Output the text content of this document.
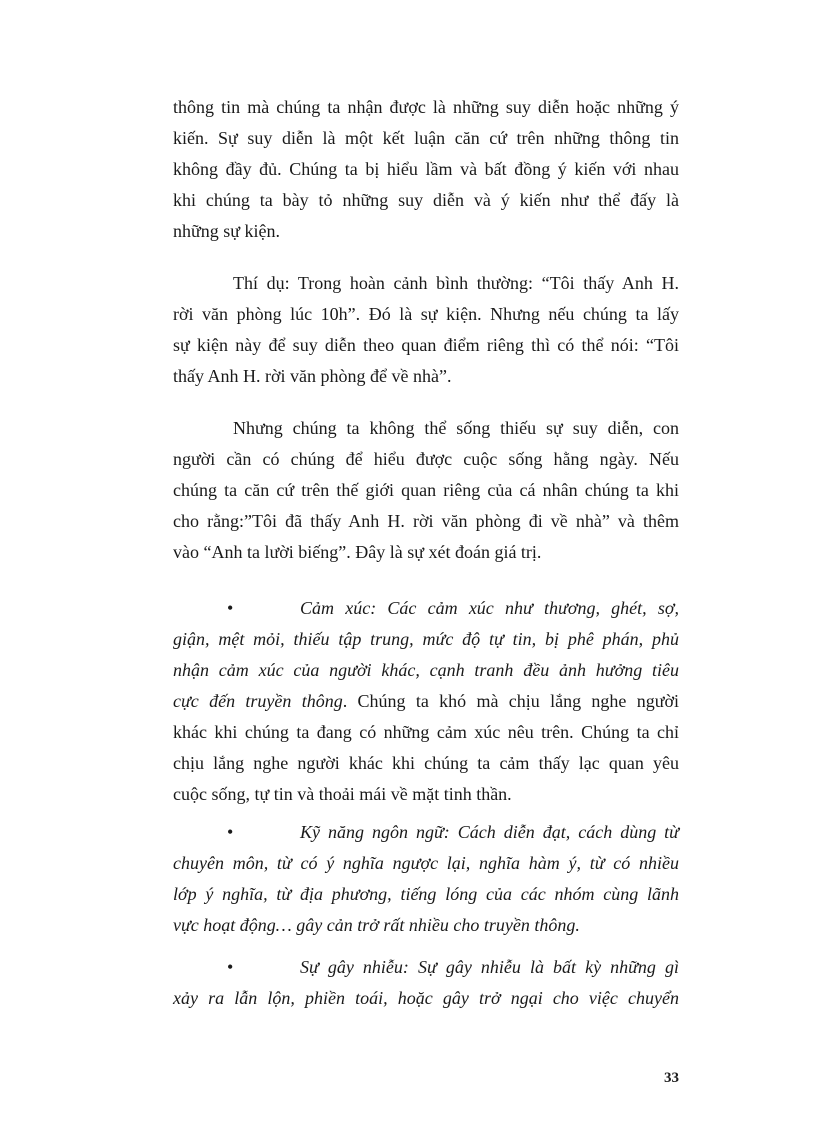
thông tin mà chúng ta nhận được là những suy diễn hoặc những ý
kiến. Sự suy diễn là một kết luận căn cứ trên những thông tin
không đầy đủ. Chúng ta bị hiểu lầm và bất đồng ý kiến với nhau
khi chúng ta bày tỏ những suy diễn và ý kiến như thể đấy là
những sự kiện.
Thí dụ: Trong hoàn cảnh bình thường: “Tôi thấy Anh H.
rời văn phòng lúc 10h”. Đó là sự kiện. Nhưng nếu chúng ta lấy
sự kiện này để suy diễn theo quan điểm riêng thì có thể nói: “Tôi
thấy Anh H. rời văn phòng để về nhà”.
Nhưng chúng ta không thể sống thiếu sự suy diễn, con
người cần có chúng để hiểu được cuộc sống hằng ngày. Nếu
chúng ta căn cứ trên thế giới quan riêng của cá nhân chúng ta khi
cho rằng:”Tôi đã thấy Anh H. rời văn phòng đi về nhà” và thêm
vào “Anh ta lười biếng”. Đây là sự xét đoán giá trị.
•	Cảm xúc: Các cảm xúc như thương, ghét, sợ,
giận, mệt mỏi, thiếu tập trung, mức độ tự tin, bị phê phán, phủ
nhận cảm xúc của người khác, cạnh tranh đều ảnh hưởng tiêu
cực đến truyền thông. Chúng ta khó mà chịu lắng nghe người
khác khi chúng ta đang có những cảm xúc nêu trên. Chúng ta chỉ
chịu lắng nghe người khác khi chúng ta cảm thấy lạc quan yêu
cuộc sống, tự tin và thoải mái về mặt tinh thần.
•	Kỹ năng ngôn ngữ: Cách diễn đạt, cách dùng từ
chuyên môn, từ có ý nghĩa ngược lại, nghĩa hàm ý, từ có nhiều
lớp ý nghĩa, từ địa phương, tiếng lóng của các nhóm cùng lãnh
vực hoạt động… gây cản trở rất nhiều cho truyền thông.
•	Sự gây nhiễu: Sự gây nhiễu là bất kỳ những gì
xảy ra lẫn lộn, phiền toái, hoặc gây trở ngại cho việc chuyển
33
